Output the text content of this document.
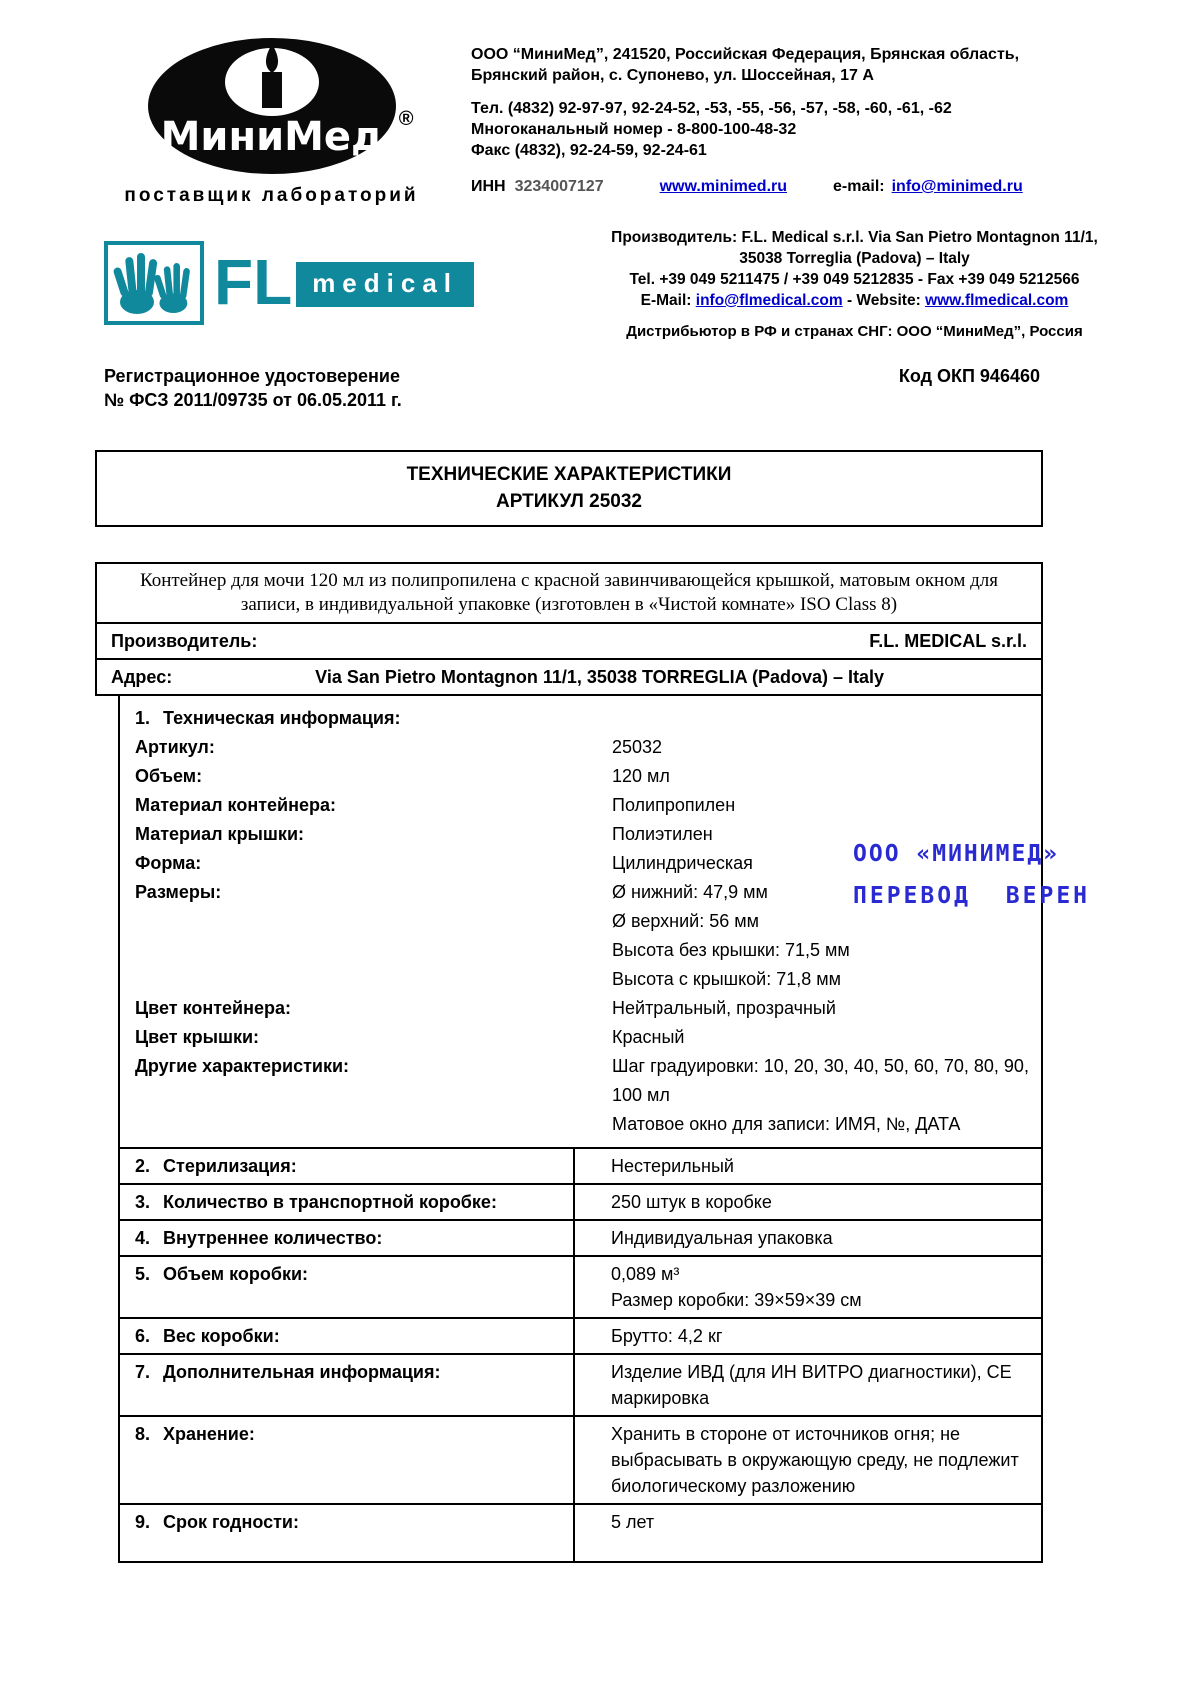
МиниМед ®
поставщик лабораторий
ООО “МиниМед”, 241520, Российская Федерация, Брянская область,
Брянский район, с. Супонево, ул. Шоссейная, 17 А
Тел. (4832) 92-97-97, 92-24-52, -53, -55, -56, -57, -58, -60, -61, -62
Многоканальный номер - 8-800-100-48-32
Факс (4832), 92-24-59, 92-24-61
ИНН 3234007127	www.minimed.ru	e-mail: info@minimed.ru
FL medical
Производитель: F.L. Medical s.r.l. Via San Pietro Montagnon 11/1,
35038 Torreglia (Padova) – Italy
Tel. +39 049 5211475 / +39 049 5212835 - Fax +39 049 5212566
E-Mail: info@flmedical.com - Website: www.flmedical.com
Дистрибьютор в РФ и странах СНГ: ООО “МиниМед”, Россия
Регистрационное удостоверение
№ ФСЗ 2011/09735 от 06.05.2011 г.
Код ОКП 946460
ТЕХНИЧЕСКИЕ ХАРАКТЕРИСТИКИ
АРТИКУЛ 25032
Контейнер для мочи 120 мл из полипропилена с красной завинчивающейся крышкой, матовым окном для записи, в индивидуальной упаковке (изготовлен в «Чистой комнате» ISO Class 8)
Производитель:	F.L. MEDICAL s.r.l.
Адрес:	Via San Pietro Montagnon 11/1, 35038 TORREGLIA (Padova) – Italy
1. Техническая информация:
Артикул:	25032
Объем:	120 мл
Материал контейнера:	Полипропилен
Материал крышки:	Полиэтилен
Форма:	Цилиндрическая
Размеры:	Ø нижний: 47,9 мм
Ø верхний: 56 мм
Высота без крышки: 71,5 мм
Высота с крышкой: 71,8 мм
Цвет контейнера:	Нейтральный, прозрачный
Цвет крышки:	Красный
Другие характеристики:	Шаг градуировки: 10, 20, 30, 40, 50, 60, 70, 80, 90, 100 мл
Матовое окно для записи: ИМЯ, №, ДАТА
2. Стерилизация:	Нестерильный
3. Количество в транспортной коробке:	250 штук в коробке
4. Внутреннее количество:	Индивидуальная упаковка
5. Объем коробки:	0,089 м³
Размер коробки: 39×59×39 см
6. Вес коробки:	Брутто: 4,2 кг
7. Дополнительная информация:	Изделие ИВД (для ИН ВИТРО диагностики), СЕ маркировка
8. Хранение:	Хранить в стороне от источников огня; не выбрасывать в окружающую среду, не подлежит биологическому разложению
9. Срок годности:	5 лет
ООО «МИНИМЕД»
ПЕРЕВОД ВЕРЕН
